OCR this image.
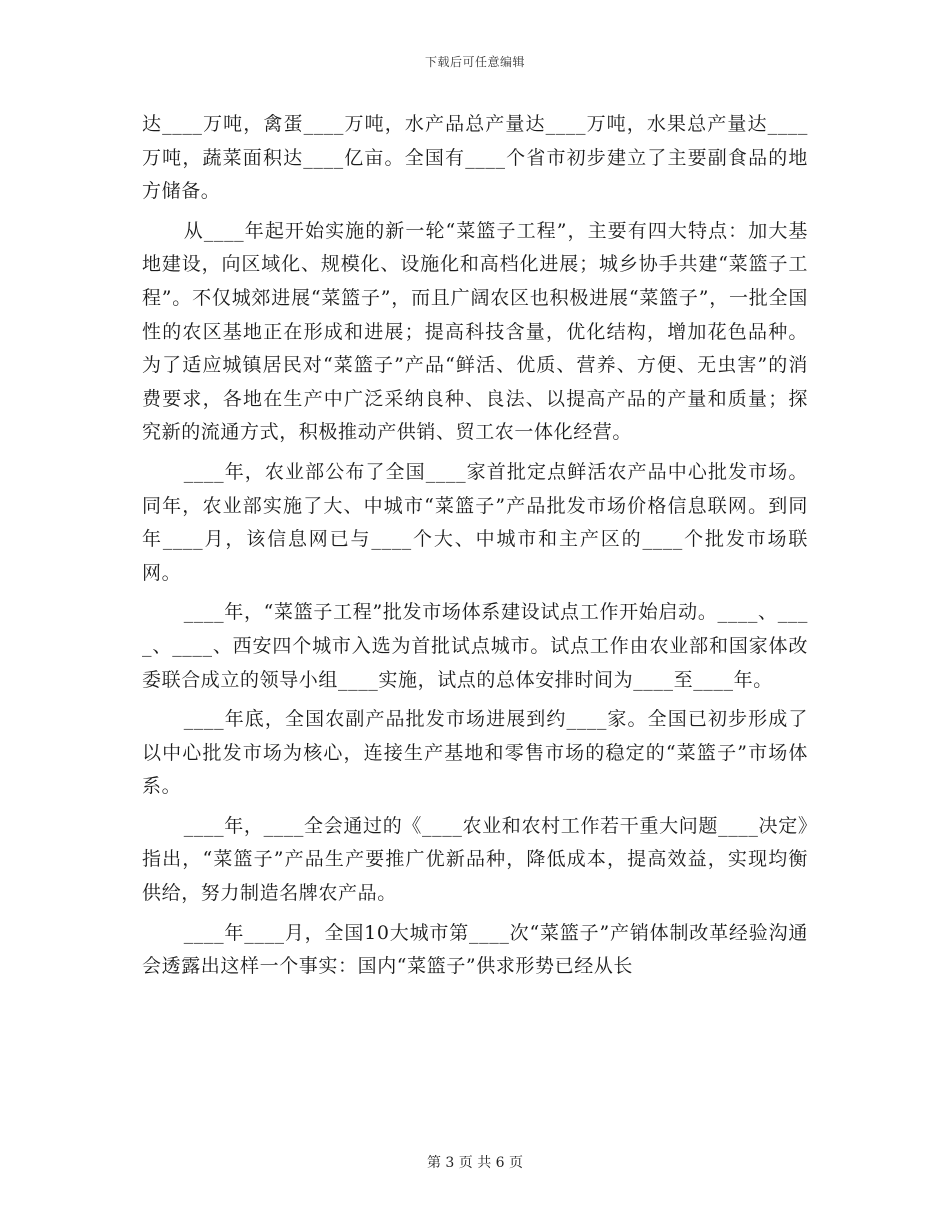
下载后可任意编辑

达____万吨，禽蛋____万吨，水产品总产量达____万吨，水果总产量达____万吨，蔬菜面积达____亿亩。全国有____个省市初步建立了主要副食品的地方储备。

从____年起开始实施的新一轮“菜篮子工程”，主要有四大特点：加大基地建设，向区域化、规模化、设施化和高档化进展；城乡协手共建“菜篮子工程”。不仅城郊进展“菜篮子”，而且广阔农区也积极进展“菜篮子”，一批全国性的农区基地正在形成和进展；提高科技含量，优化结构，增加花色品种。为了适应城镇居民对“菜篮子”产品“鲜活、优质、营养、方便、无虫害”的消费要求，各地在生产中广泛采纳良种、良法、以提高产品的产量和质量；探究新的流通方式，积极推动产供销、贸工农一体化经营。

____年，农业部公布了全国____家首批定点鲜活农产品中心批发市场。同年，农业部实施了大、中城市“菜篮子”产品批发市场价格信息联网。到同年____月，该信息网已与____个大、中城市和主产区的____个批发市场联网。

____年，“菜篮子工程”批发市场体系建设试点工作开始启动。____、____、____、西安四个城市入选为首批试点城市。试点工作由农业部和国家体改委联合成立的领导小组____实施，试点的总体安排时间为____至____年。

____年底，全国农副产品批发市场进展到约____家。全国已初步形成了以中心批发市场为核心，连接生产基地和零售市场的稳定的“菜篮子”市场体系。

____年，____全会通过的《____农业和农村工作若干重大问题____决定》指出，“菜篮子”产品生产要推广优新品种，降低成本，提高效益，实现均衡供给，努力制造名牌农产品。

____年____月，全国10大城市第____次“菜篮子”产销体制改革经验沟通会透露出这样一个事实：国内“菜篮子”供求形势已经从长

第 3 页 共 6 页
